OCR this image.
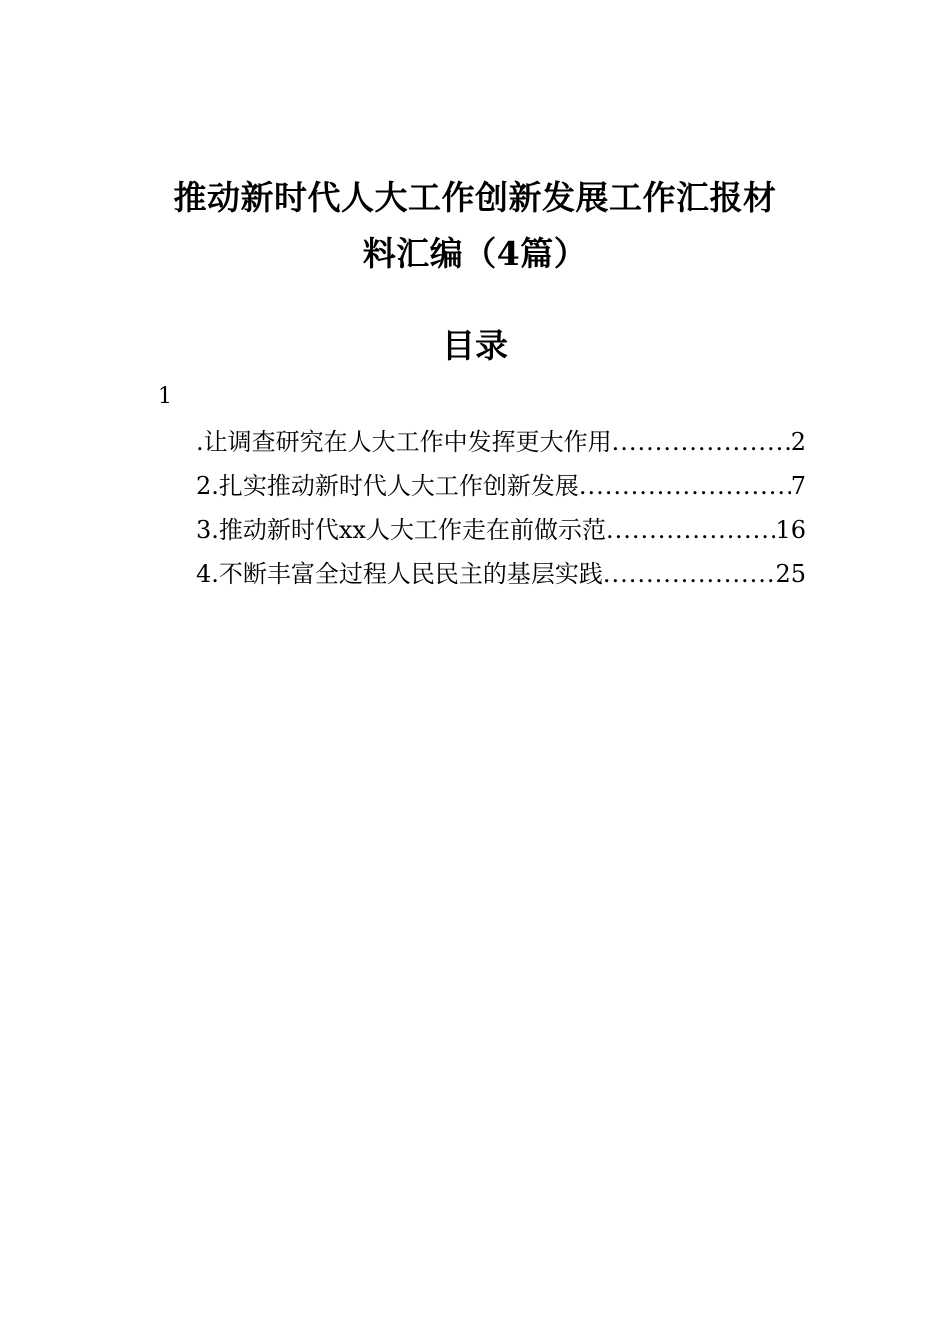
推动新时代人大工作创新发展工作汇报材
料汇编（4篇）
目录
1
.让调查研究在人大工作中发挥更大作用 .....	2
2.扎实推动新时代人大工作创新发展 .....	7
3.推动新时代xx人大工作走在前做示范 .....	16
4.不断丰富全过程人民民主的基层实践 .....	25
